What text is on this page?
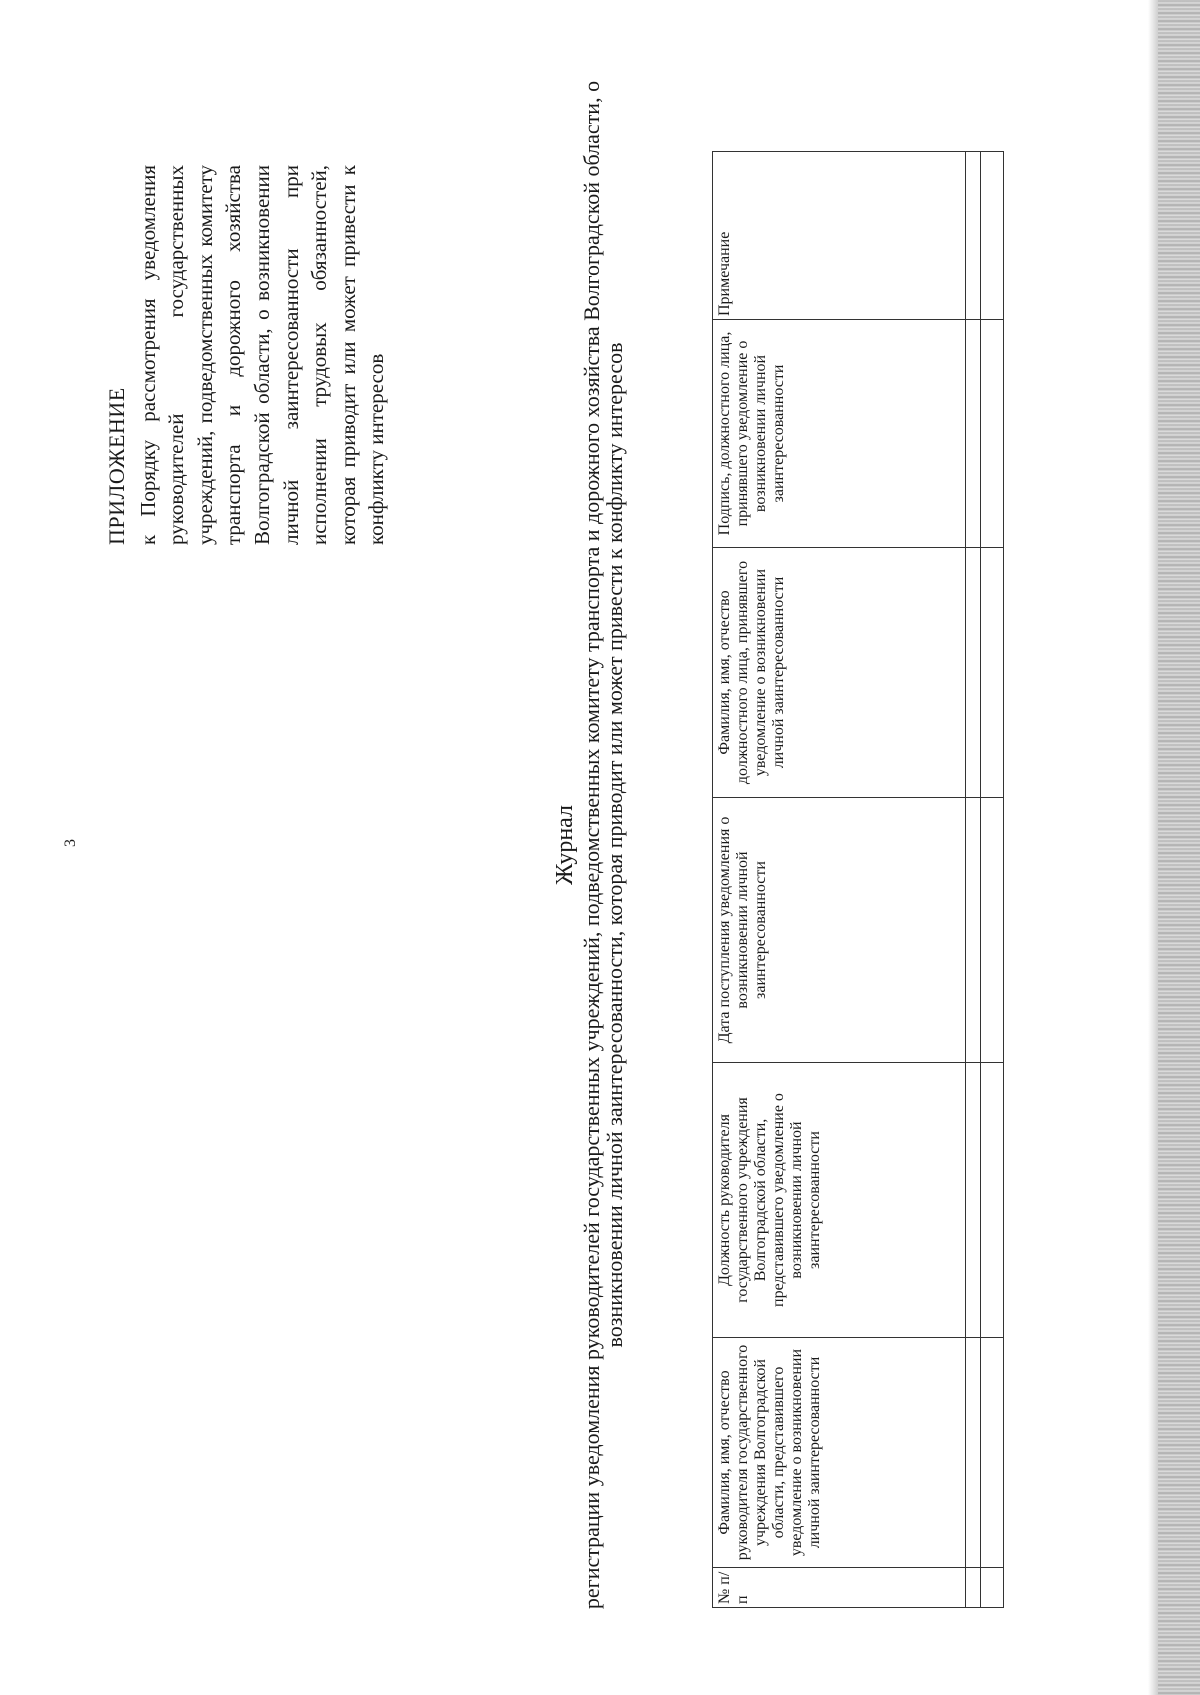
3
ПРИЛОЖЕНИЕ к Порядку рассмотрения уведомления руководителей государственных учреждений, подведомственных комитету транспорта и дорожного хозяйства Волгоградской области, о возникновении личной заинтересованности при исполнении трудовых обязанностей, которая приводит или может привести к конфликту интересов
Журнал регистрации уведомления руководителей государственных учреждений, подведомственных комитету транспорта и дорожного хозяйства Волгоградской области, о возникновении личной заинтересованности, которая приводит или может привести к конфликту интересов
№ п/п	Фамилия, имя, отчество руководителя государственного учреждения Волгоградской области, представившего уведомление о возникновении личной заинтересованности	Должность руководителя государственного учреждения Волгоградской области, представившего уведомление о возникновении личной заинтересованности	Дата поступления уведомления о возникновении личной заинтересованности	Фамилия, имя, отчество должностного лица, принявшего уведомление о возникновении личной заинтересованности	Подпись, должностного лица, принявшего уведомление о возникновении личной заинтересованности	Примечание
